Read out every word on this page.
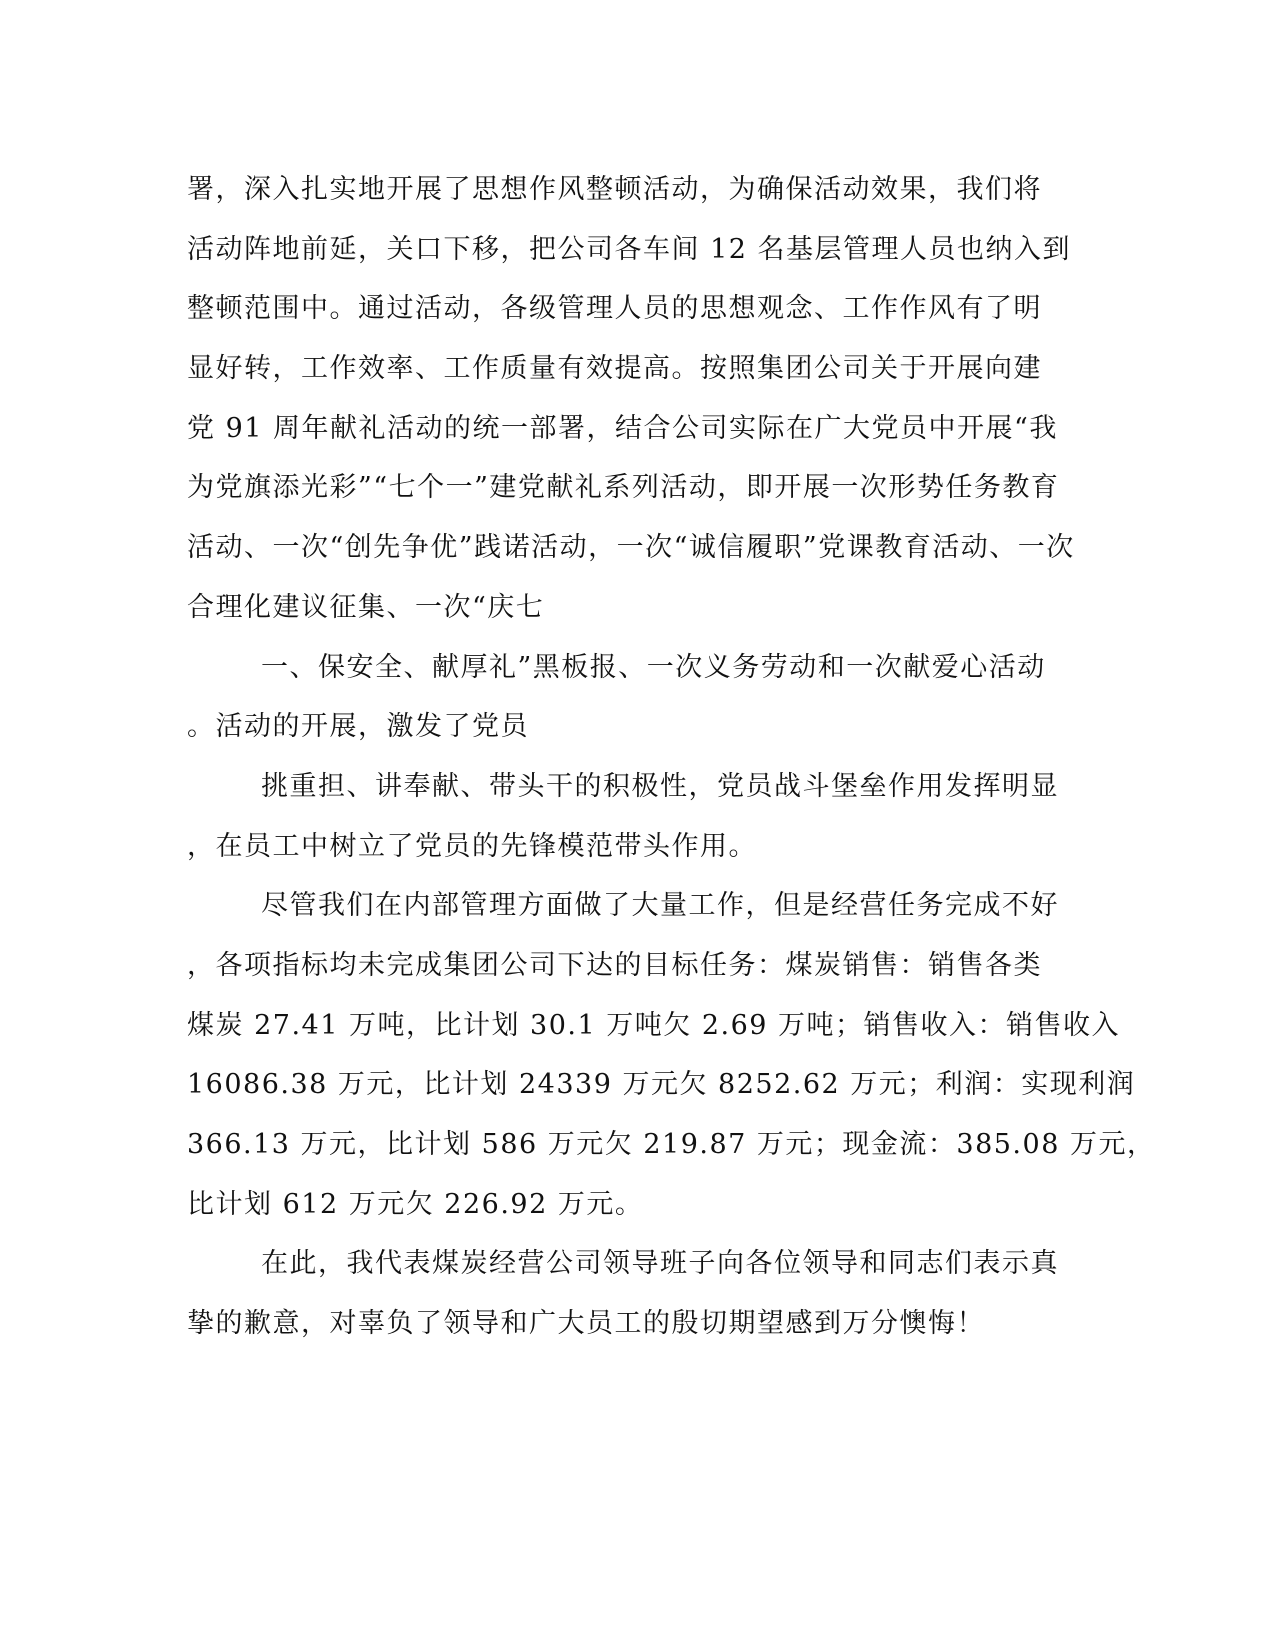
署，深入扎实地开展了思想作风整顿活动，为确保活动效果，我们将
活动阵地前延，关口下移，把公司各车间 12 名基层管理人员也纳入到
整顿范围中。通过活动，各级管理人员的思想观念、工作作风有了明
显好转，工作效率、工作质量有效提高。按照集团公司关于开展向建
党 91 周年献礼活动的统一部署，结合公司实际在广大党员中开展“我
为党旗添光彩”“七个一”建党献礼系列活动，即开展一次形势任务教育
活动、一次“创先争优”践诺活动，一次“诚信履职”党课教育活动、一次
合理化建议征集、一次“庆七
一、保安全、献厚礼”黑板报、一次义务劳动和一次献爱心活动
。活动的开展，激发了党员
挑重担、讲奉献、带头干的积极性，党员战斗堡垒作用发挥明显
，在员工中树立了党员的先锋模范带头作用。
尽管我们在内部管理方面做了大量工作，但是经营任务完成不好
，各项指标均未完成集团公司下达的目标任务：煤炭销售：销售各类
煤炭 27.41 万吨，比计划 30.1 万吨欠 2.69 万吨；销售收入：销售收入
16086.38 万元，比计划 24339 万元欠 8252.62 万元；利润：实现利润
366.13 万元，比计划 586 万元欠 219.87 万元；现金流：385.08 万元，
比计划 612 万元欠 226.92 万元。
在此，我代表煤炭经营公司领导班子向各位领导和同志们表示真
挚的歉意，对辜负了领导和广大员工的殷切期望感到万分懊悔！
